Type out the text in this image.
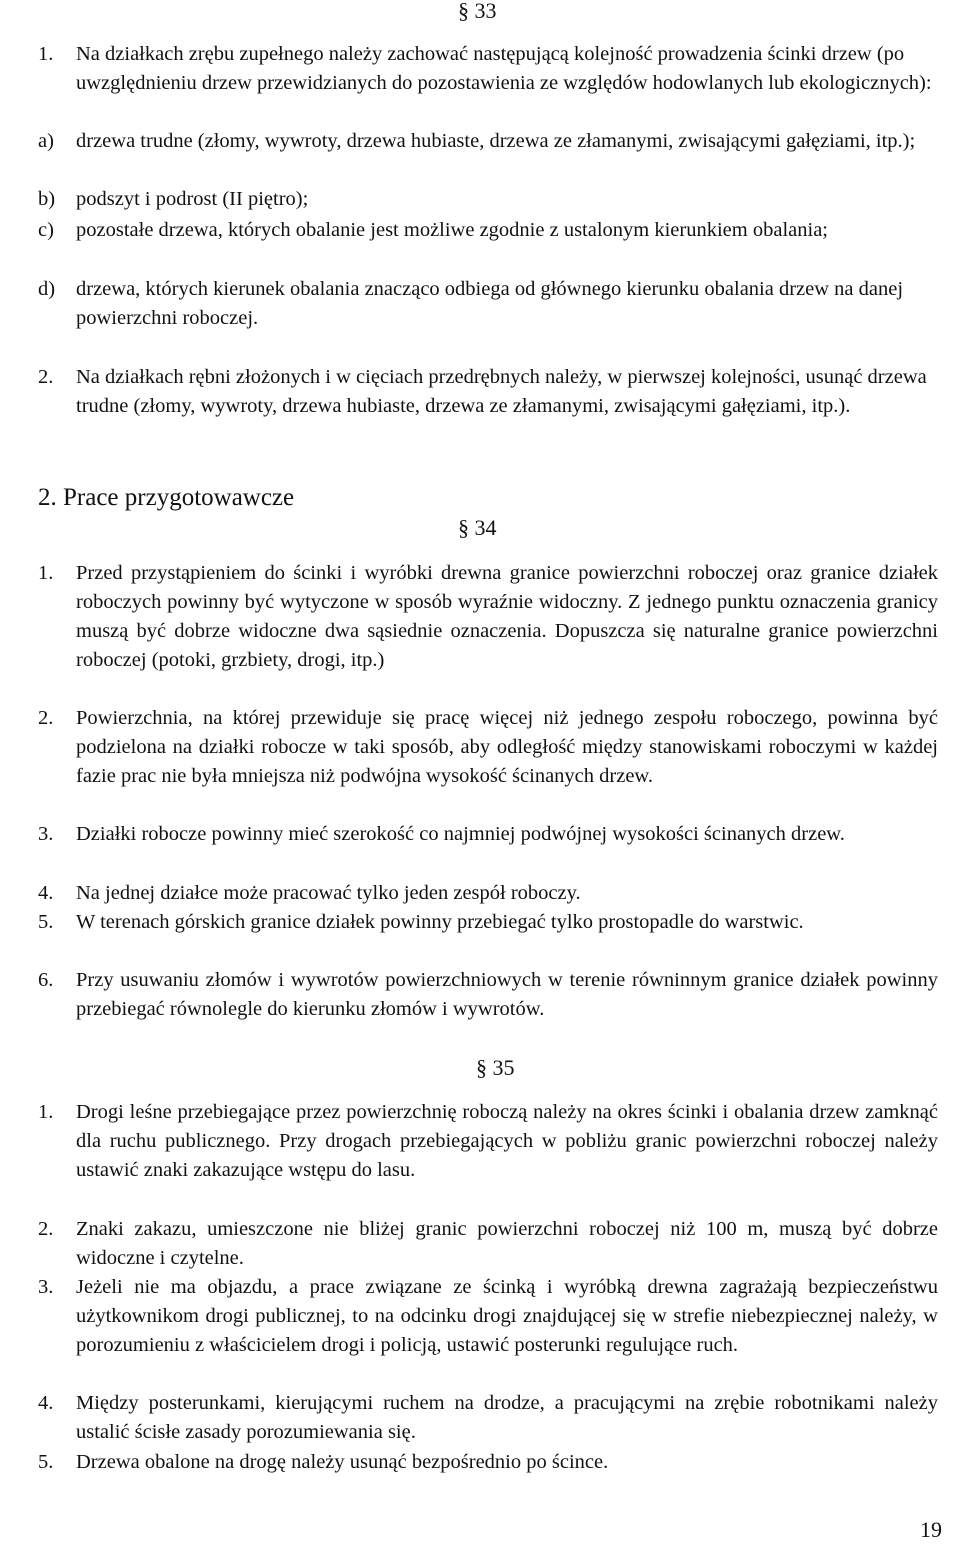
§ 33
1. Na działkach zrębu zupełnego należy zachować następującą kolejność prowadzenia ścinki drzew (po uwzględnieniu drzew przewidzianych do pozostawienia ze względów hodowlanych lub ekologicznych):
a) drzewa trudne (złomy, wywroty, drzewa hubiaste, drzewa ze złamanymi, zwisającymi gałęziami, itp.);
b) podszyt i podrost (II piętro);
c) pozostałe drzewa, których obalanie jest możliwe zgodnie z ustalonym kierunkiem obalania;
d) drzewa, których kierunek obalania znacząco odbiega od głównego kierunku obalania drzew na danej powierzchni roboczej.
2. Na działkach rębni złożonych i w cięciach przedrębnych należy, w pierwszej kolejności, usunąć drzewa trudne (złomy, wywroty, drzewa hubiaste, drzewa ze złamanymi, zwisającymi gałęziami, itp.).
2. Prace przygotowawcze
§ 34
1. Przed przystąpieniem do ścinki i wyróbki drewna granice powierzchni roboczej oraz granice działek roboczych powinny być wytyczone w sposób wyraźnie widoczny. Z jednego punktu oznaczenia granicy muszą być dobrze widoczne dwa sąsiednie oznaczenia. Dopuszcza się naturalne granice powierzchni roboczej (potoki, grzbiety, drogi, itp.)
2. Powierzchnia, na której przewiduje się pracę więcej niż jednego zespołu roboczego, powinna być podzielona na działki robocze w taki sposób, aby odległość między stanowiskami roboczymi w każdej fazie prac nie była mniejsza niż podwójna wysokość ścinanych drzew.
3. Działki robocze powinny mieć szerokość co najmniej podwójnej wysokości ścinanych drzew.
4. Na jednej działce może pracować tylko jeden zespół roboczy.
5. W terenach górskich granice działek powinny przebiegać tylko prostopadle do warstwic.
6. Przy usuwaniu złomów i wywrotów powierzchniowych w terenie równinnym granice działek powinny przebiegać równolegle do kierunku złomów i wywrotów.
§ 35
1. Drogi leśne przebiegające przez powierzchnię roboczą należy na okres ścinki i obalania drzew zamknąć dla ruchu publicznego. Przy drogach przebiegających w pobliżu granic powierzchni roboczej należy ustawić znaki zakazujące wstępu do lasu.
2. Znaki zakazu, umieszczone nie bliżej granic powierzchni roboczej niż 100 m, muszą być dobrze widoczne i czytelne.
3. Jeżeli nie ma objazdu, a prace związane ze ścinką i wyróbką drewna zagrażają bezpieczeństwu użytkownikom drogi publicznej, to na odcinku drogi znajdującej się w strefie niebezpiecznej należy, w porozumieniu z właścicielem drogi i policją, ustawić posterunki regulujące ruch.
4. Między posterunkami, kierującymi ruchem na drodze, a pracującymi na zrębie robotnikami należy ustalić ścisłe zasady porozumiewania się.
5. Drzewa obalone na drogę należy usunąć bezpośrednio po ścince.
19
